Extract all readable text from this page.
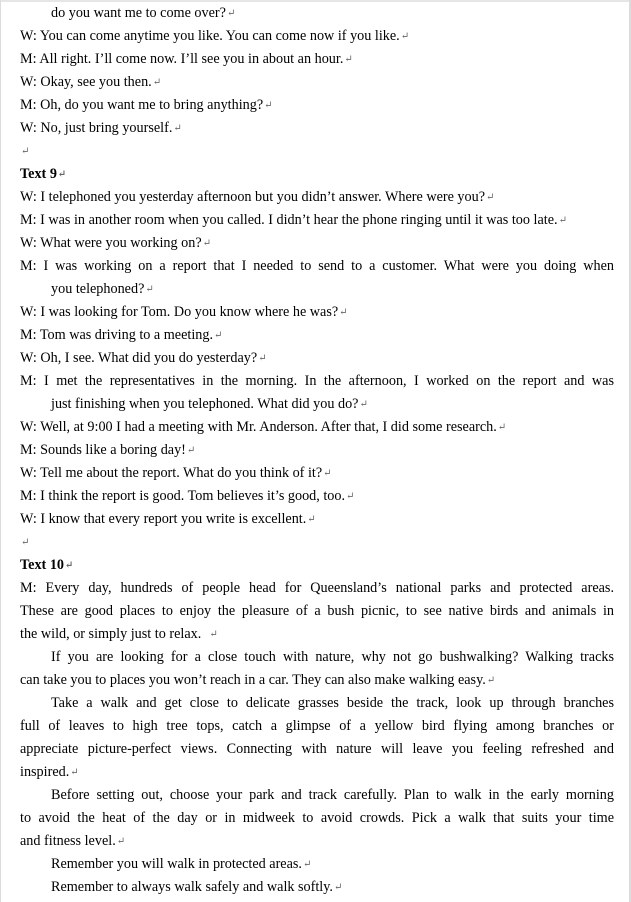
do you want me to come over?↵
W: You can come anytime you like. You can come now if you like.↵
M: All right. I’ll come now. I’ll see you in about an hour.↵
W: Okay, see you then.↵
M: Oh, do you want me to bring anything?↵
W: No, just bring yourself.↵
↵
Text 9↵
W: I telephoned you yesterday afternoon but you didn’t answer. Where were you?↵
M: I was in another room when you called. I didn’t hear the phone ringing until it was too late.↵
W: What were you working on?↵
M: I was working on a report that I needed to send to a customer. What were you doing when
you telephoned?↵
W: I was looking for Tom. Do you know where he was?↵
M: Tom was driving to a meeting.↵
W: Oh, I see. What did you do yesterday?↵
M: I met the representatives in the morning. In the afternoon, I worked on the report and was
just finishing when you telephoned. What did you do?↵
W: Well, at 9:00 I had a meeting with Mr. Anderson. After that, I did some research.↵
M: Sounds like a boring day!↵
W: Tell me about the report. What do you think of it?↵
M: I think the report is good. Tom believes it’s good, too.↵
W: I know that every report you write is excellent.↵
↵
Text 10↵
M: Every day, hundreds of people head for Queensland’s national parks and protected areas.
These are good places to enjoy the pleasure of a bush picnic, to see native birds and animals in
the wild, or simply just to relax. ↵
If you are looking for a close touch with nature, why not go bushwalking? Walking tracks
can take you to places you won’t reach in a car. They can also make walking easy.↵
Take a walk and get close to delicate grasses beside the track, look up through branches
full of leaves to high tree tops, catch a glimpse of a yellow bird flying among branches or
appreciate picture-perfect views. Connecting with nature will leave you feeling refreshed and
inspired.↵
Before setting out, choose your park and track carefully. Plan to walk in the early morning
to avoid the heat of the day or in midweek to avoid crowds. Pick a walk that suits your time
and fitness level.↵
Remember you will walk in protected areas.↵
Remember to always walk safely and walk softly.↵
